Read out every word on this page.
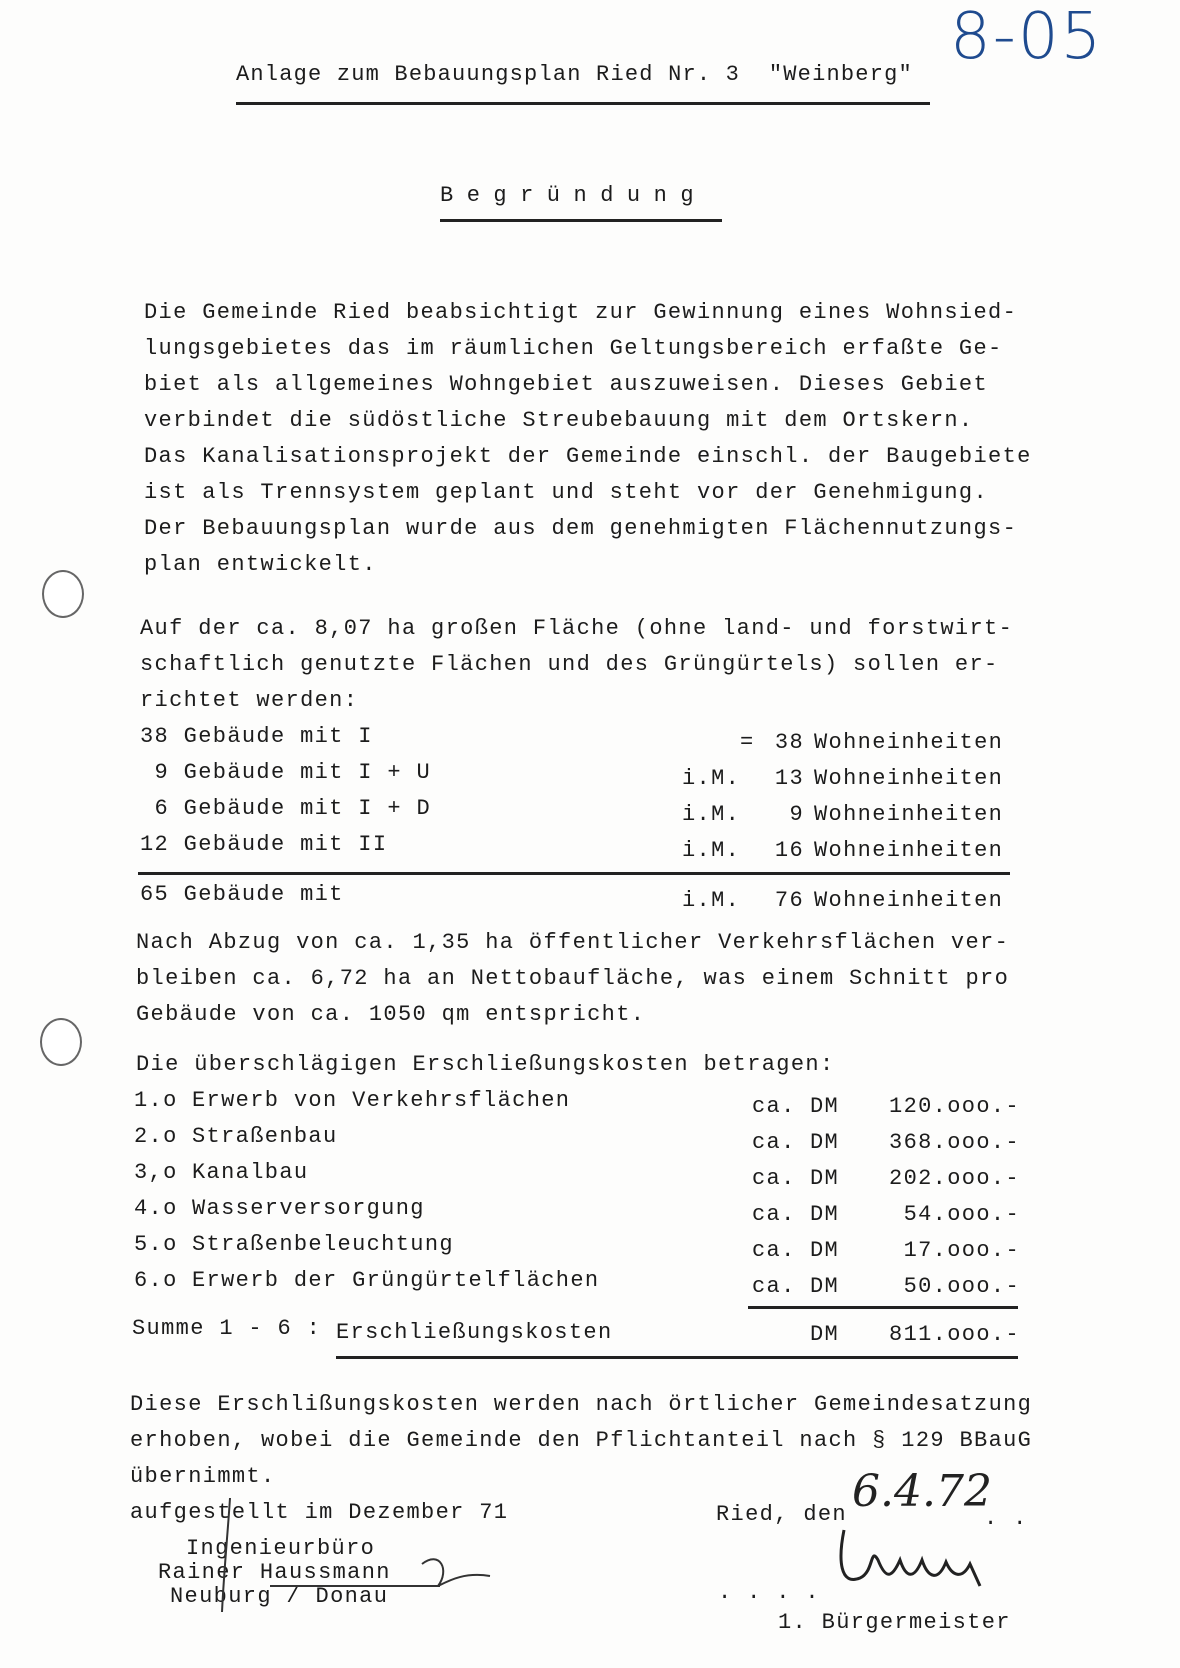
8-05
Anlage zum Bebauungsplan Ried Nr. 3  "Weinberg"
Begründung
Die Gemeinde Ried beabsichtigt zur Gewinnung eines Wohnsied-
lungsgebietes das im räumlichen Geltungsbereich erfaßte Ge-
biet als allgemeines Wohngebiet auszuweisen. Dieses Gebiet
verbindet die südöstliche Streubebauung mit dem Ortskern.
Das Kanalisationsprojekt der Gemeinde einschl. der Baugebiete
ist als Trennsystem geplant und steht vor der Genehmigung.
Der Bebauungsplan wurde aus dem genehmigten Flächennutzungs-
plan entwickelt.
Auf der ca. 8,07 ha großen Fläche (ohne land- und forstwirt-
schaftlich genutzte Flächen und des Grüngürtels) sollen er-
richtet werden:
38 Gebäude mit I	= 38 Wohneinheiten
9 Gebäude mit I + U	i.M.	13 Wohneinheiten
6 Gebäude mit I + D	i.M.	9 Wohneinheiten
12 Gebäude mit II	i.M.	16 Wohneinheiten
65 Gebäude mit	i.M.	76 Wohneinheiten
Nach Abzug von ca. 1,35 ha öffentlicher Verkehrsflächen ver-
bleiben ca. 6,72 ha an Nettobaufläche, was einem Schnitt pro
Gebäude von ca. 1050 qm entspricht.
Die überschlägigen Erschließungskosten betragen:
1.o Erwerb von Verkehrsflächen	ca. DM	120.ooo.-
2.o Straßenbau	ca. DM	368.ooo.-
3,o Kanalbau	ca. DM	202.ooo.-
4.o Wasserversorgung	ca. DM	54.ooo.-
5.o Straßenbeleuchtung	ca. DM	17.ooo.-
6.o Erwerb der Grüngürtelflächen	ca. DM	50.ooo.-
Summe 1 - 6 : Erschließungskosten	DM	811.ooo.-
Diese Erschlißungskosten werden nach örtlicher Gemeindesatzung
erhoben, wobei die Gemeinde den Pflichtanteil nach § 129 BBauG
übernimmt.
aufgestellt im Dezember 71
Ingenieurbüro
Rainer Haussmann
Neuburg / Donau
Ried, den 6.4.72
. .
. . . .
1. Bürgermeister
